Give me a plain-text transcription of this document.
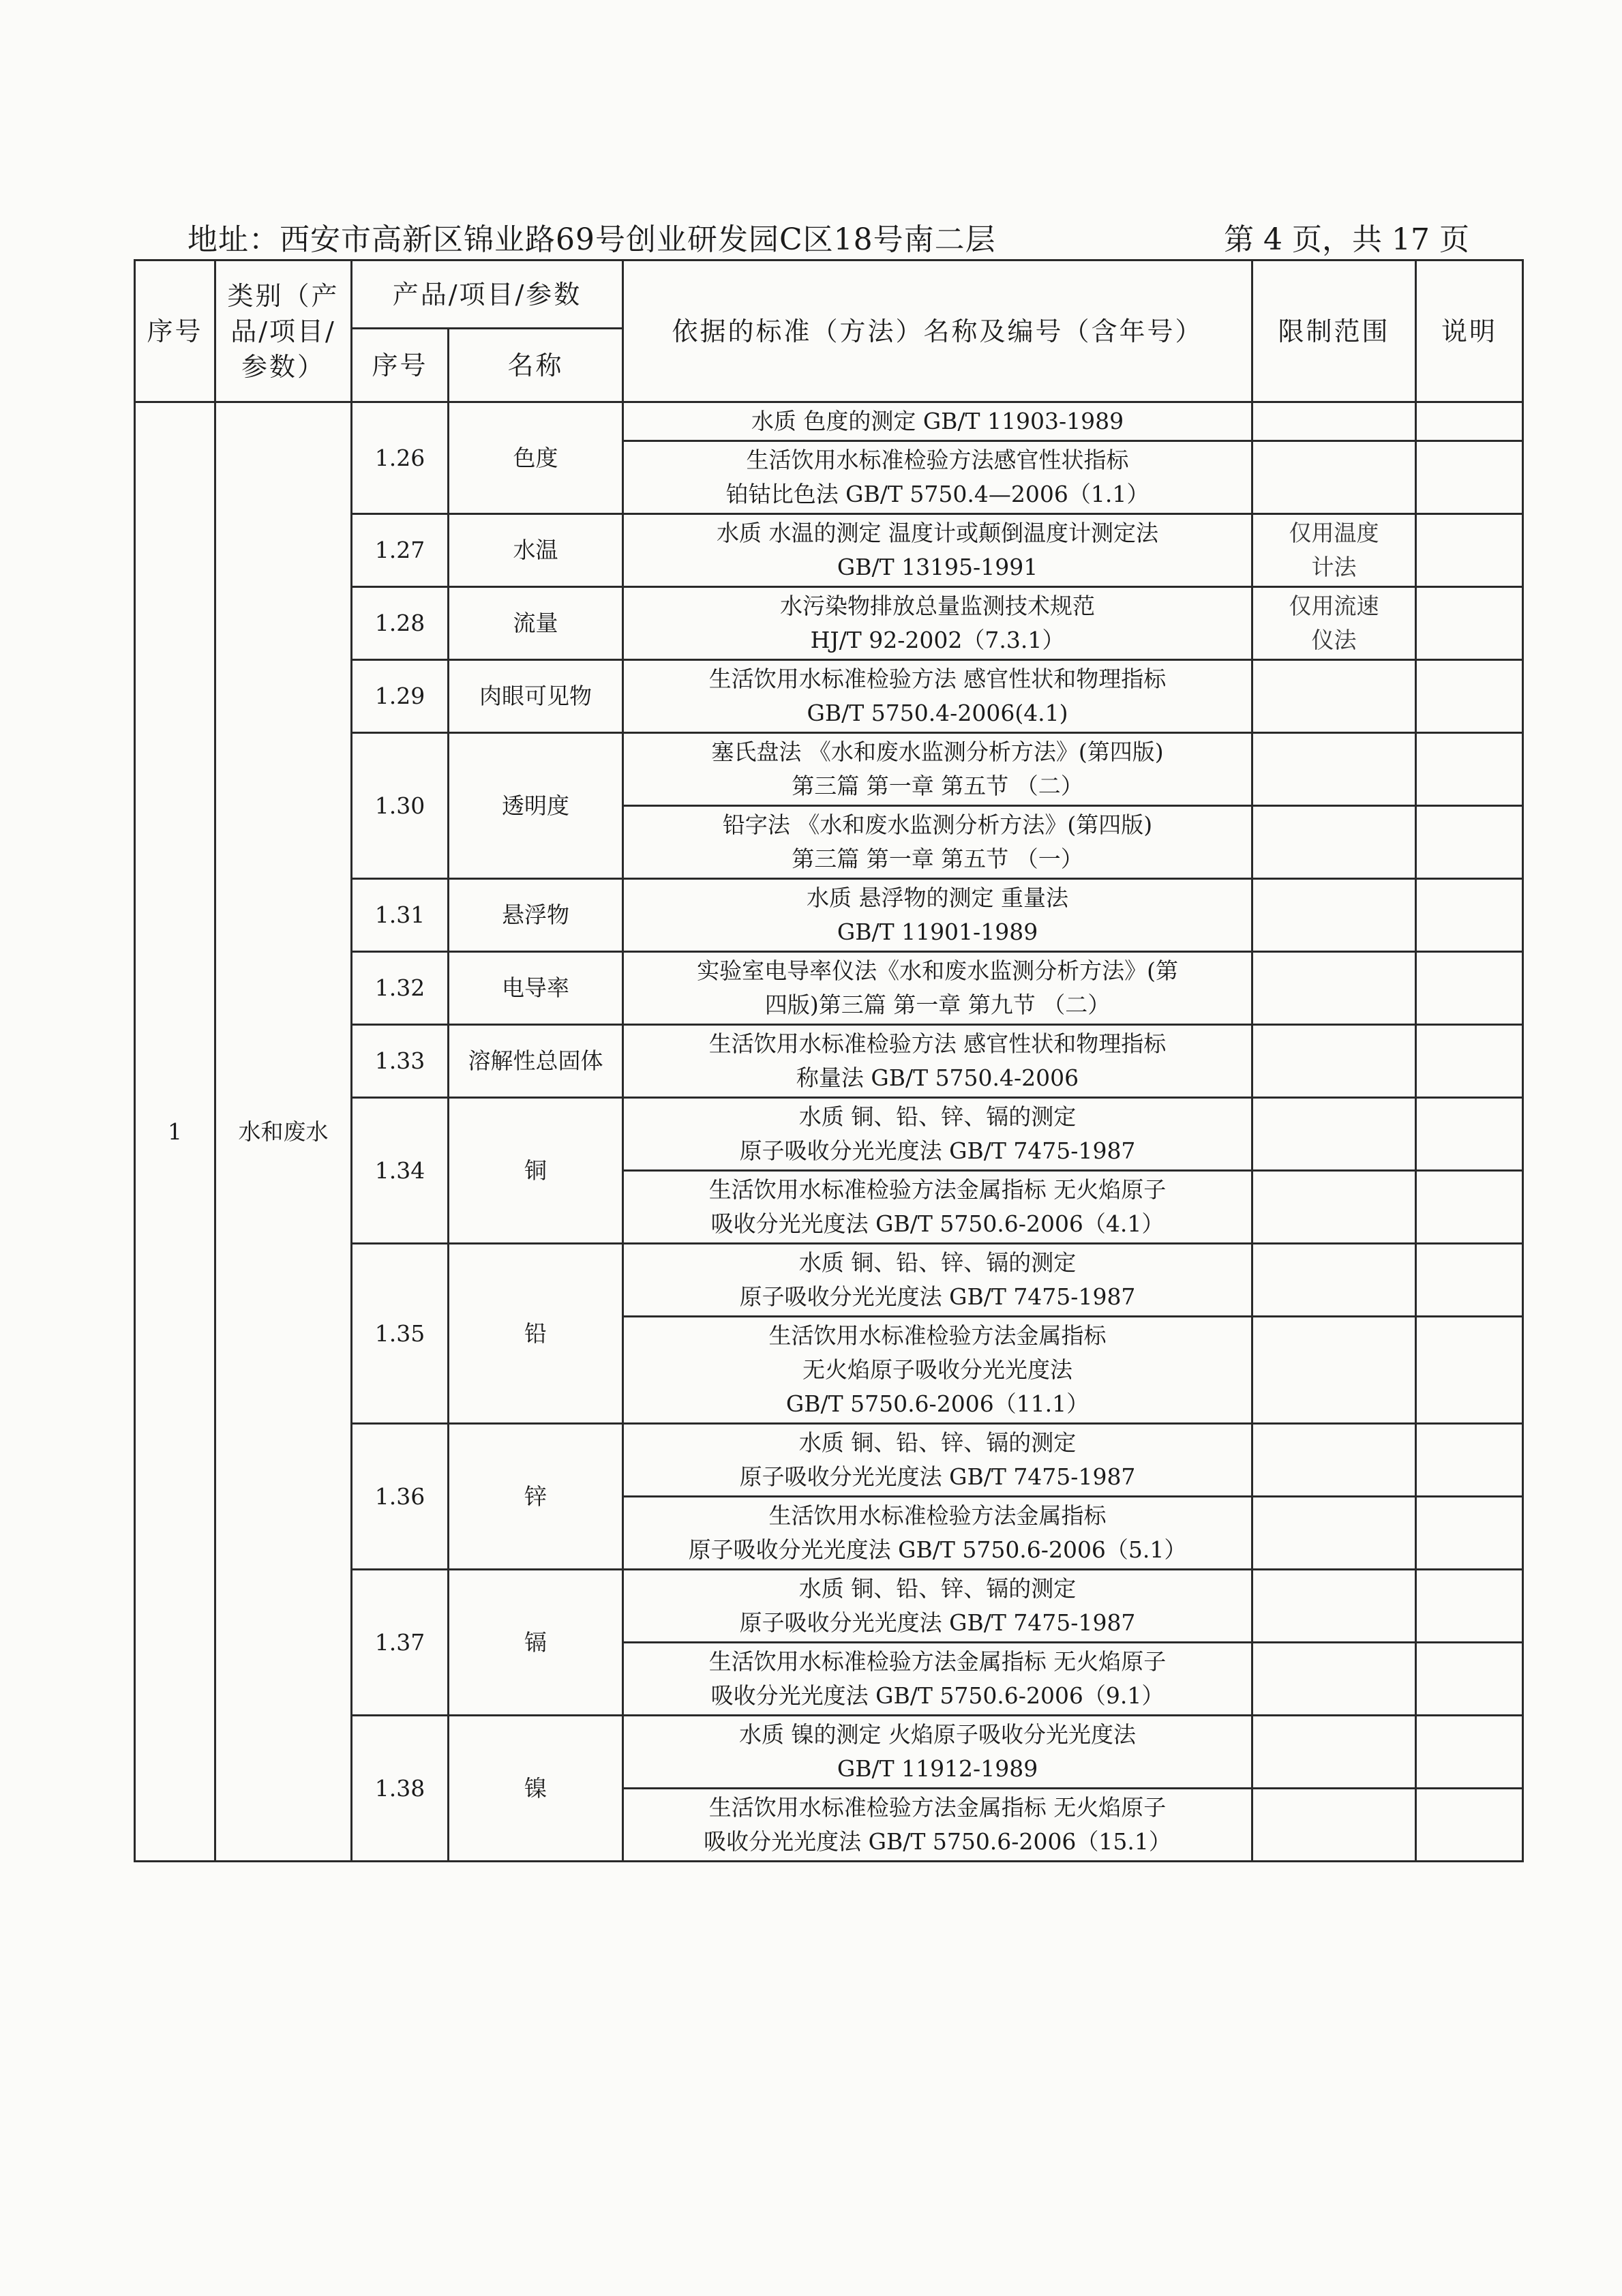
地址：西安市高新区锦业路69号创业研发园C区18号南二层	第 4 页，共 17 页
序号	类别（产品/项目/参数）	产品/项目/参数		依据的标准（方法）名称及编号（含年号）	限制范围	说明
		序号	名称			
1	水和废水	1.26	色度	水质 色度的测定 GB/T 11903-1989		
				生活饮用水标准检验方法感官性状指标
铂钴比色法 GB/T 5750.4—2006（1.1）		
		1.27	水温	水质 水温的测定 温度计或颠倒温度计测定法
GB/T 13195-1991	仅用温度
计法	
		1.28	流量	水污染物排放总量监测技术规范
HJ/T 92-2002（7.3.1）	仅用流速
仪法	
		1.29	肉眼可见物	生活饮用水标准检验方法 感官性状和物理指标
GB/T 5750.4-2006(4.1)		
		1.30	透明度	塞氏盘法 《水和废水监测分析方法》(第四版)
第三篇 第一章 第五节 （二）		
				铅字法 《水和废水监测分析方法》(第四版)
第三篇 第一章 第五节 （一）		
		1.31	悬浮物	水质 悬浮物的测定 重量法
GB/T 11901-1989		
		1.32	电导率	实验室电导率仪法《水和废水监测分析方法》(第
四版)第三篇 第一章 第九节 （二）		
		1.33	溶解性总固体	生活饮用水标准检验方法 感官性状和物理指标
称量法 GB/T 5750.4-2006		
		1.34	铜	水质 铜、铅、锌、镉的测定
原子吸收分光光度法 GB/T 7475-1987		
				生活饮用水标准检验方法金属指标 无火焰原子
吸收分光光度法 GB/T 5750.6-2006（4.1）		
		1.35	铅	水质 铜、铅、锌、镉的测定
原子吸收分光光度法 GB/T 7475-1987		
				生活饮用水标准检验方法金属指标
无火焰原子吸收分光光度法
GB/T 5750.6-2006（11.1）		
		1.36	锌	水质 铜、铅、锌、镉的测定
原子吸收分光光度法 GB/T 7475-1987		
				生活饮用水标准检验方法金属指标
原子吸收分光光度法 GB/T 5750.6-2006（5.1）		
		1.37	镉	水质 铜、铅、锌、镉的测定
原子吸收分光光度法 GB/T 7475-1987		
				生活饮用水标准检验方法金属指标 无火焰原子
吸收分光光度法 GB/T 5750.6-2006（9.1）		
		1.38	镍	水质 镍的测定 火焰原子吸收分光光度法
GB/T 11912-1989		
				生活饮用水标准检验方法金属指标 无火焰原子
吸收分光光度法 GB/T 5750.6-2006（15.1）		
